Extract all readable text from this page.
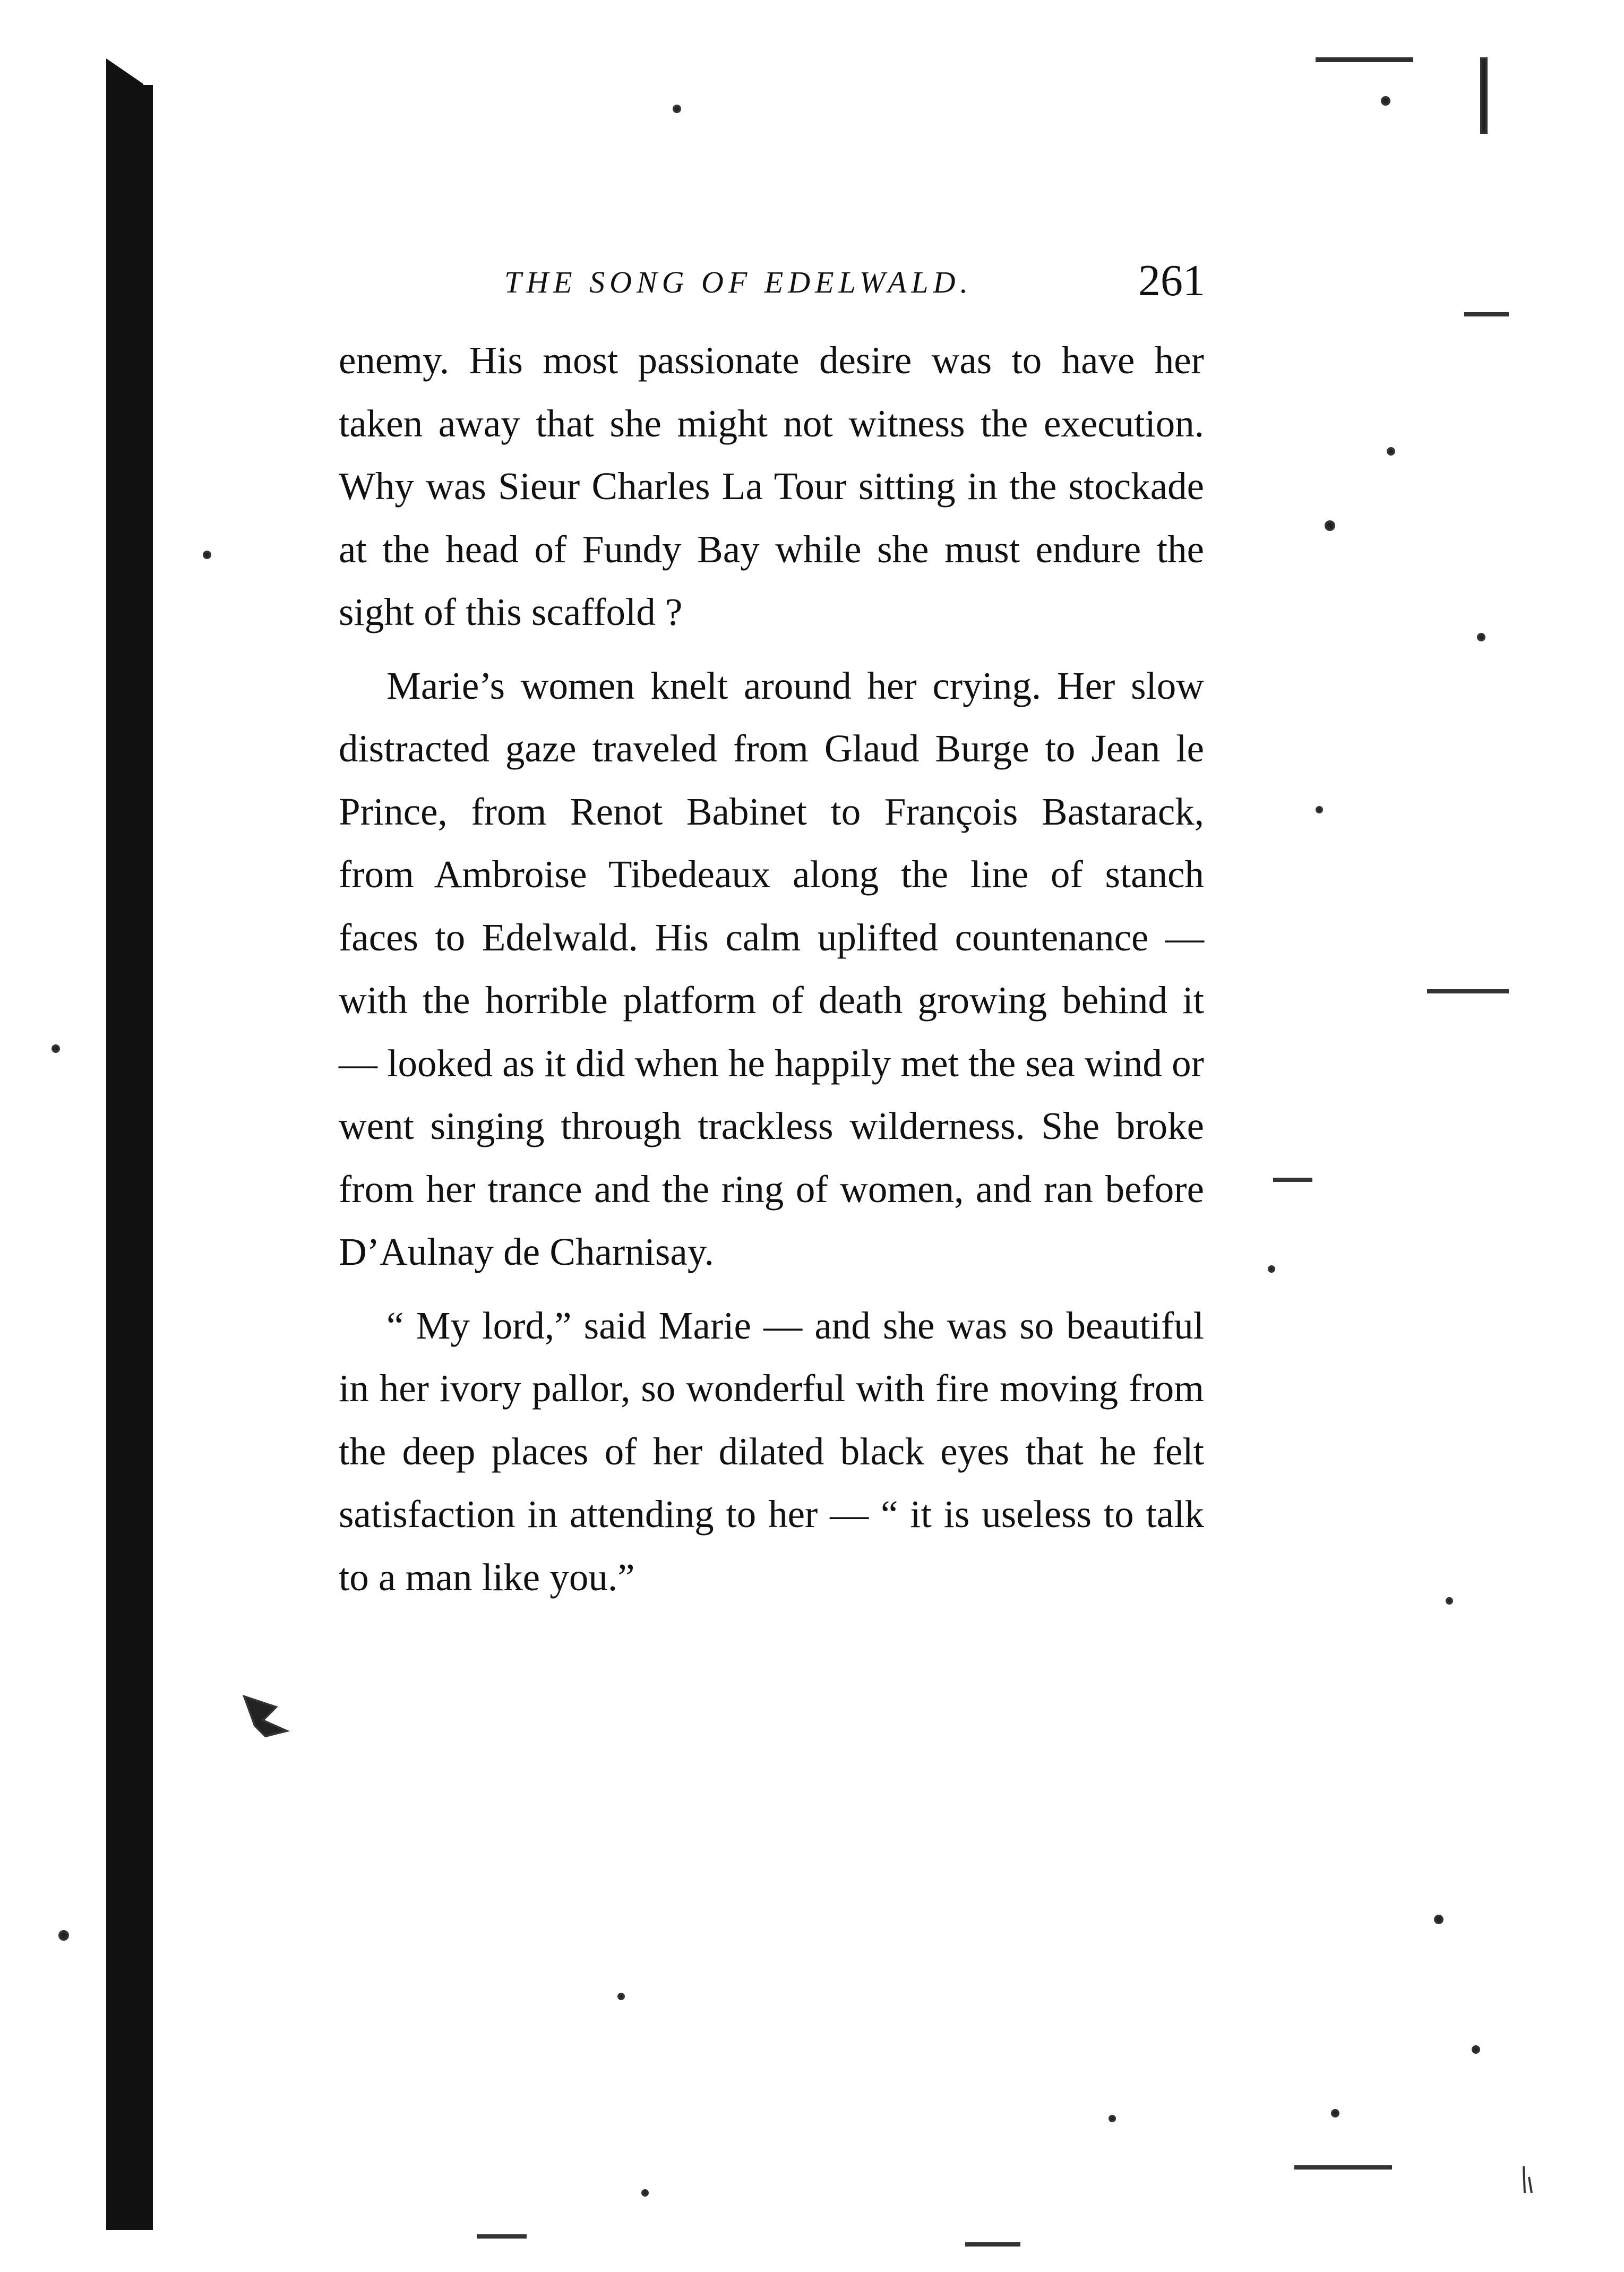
THE SONG OF EDELWALD.	261

enemy. His most passionate desire was to have her taken away that she might not witness the execution. Why was Sieur Charles La Tour sitting in the stockade at the head of Fundy Bay while she must endure the sight of this scaffold ?

Marie’s women knelt around her crying. Her slow distracted gaze traveled from Glaud Burge to Jean le Prince, from Renot Babinet to François Bastarack, from Ambroise Tibedeaux along the line of stanch faces to Edelwald. His calm uplifted countenance — with the horrible platform of death growing behind it — looked as it did when he happily met the sea wind or went singing through trackless wilderness. She broke from her trance and the ring of women, and ran before D’Aulnay de Charnisay.

“ My lord,” said Marie — and she was so beautiful in her ivory pallor, so wonderful with fire moving from the deep places of her dilated black eyes that he felt satisfaction in attending to her — “ it is useless to talk to a man like you.”
